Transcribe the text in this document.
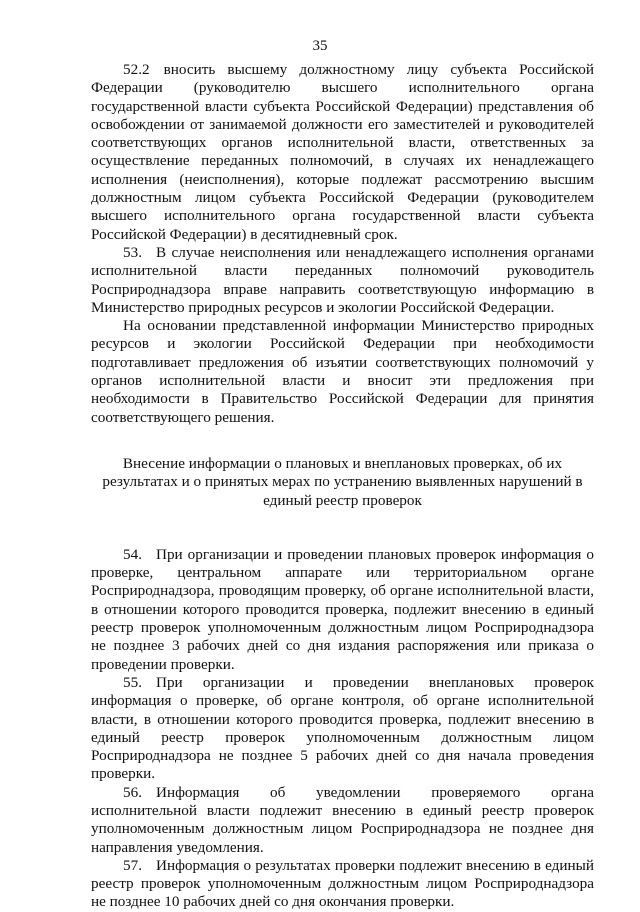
35

52.2 вносить высшему должностному лицу субъекта Российской Федерации (руководителю высшего исполнительного органа государственной власти субъекта Российской Федерации) представления об освобождении от занимаемой должности его заместителей и руководителей соответствующих органов исполнительной власти, ответственных за осуществление переданных полномочий, в случаях их ненадлежащего исполнения (неисполнения), которые подлежат рассмотрению высшим должностным лицом субъекта Российской Федерации (руководителем высшего исполнительного органа государственной власти субъекта Российской Федерации) в десятидневный срок.

53. В случае неисполнения или ненадлежащего исполнения органами исполнительной власти переданных полномочий руководитель Росприроднадзора вправе направить соответствующую информацию в Министерство природных ресурсов и экологии Российской Федерации.

На основании представленной информации Министерство природных ресурсов и экологии Российской Федерации при необходимости подготавливает предложения об изъятии соответствующих полномочий у органов исполнительной власти и вносит эти предложения при необходимости в Правительство Российской Федерации для принятия соответствующего решения.

Внесение информации о плановых и внеплановых проверках, об их результатах и о принятых мерах по устранению выявленных нарушений в единый реестр проверок

54. При организации и проведении плановых проверок информация о проверке, центральном аппарате или территориальном органе Росприроднадзора, проводящим проверку, об органе исполнительной власти, в отношении которого проводится проверка, подлежит внесению в единый реестр проверок уполномоченным должностным лицом Росприроднадзора не позднее 3 рабочих дней со дня издания распоряжения или приказа о проведении проверки.

55. При организации и проведении внеплановых проверок информация о проверке, об органе контроля, об органе исполнительной власти, в отношении которого проводится проверка, подлежит внесению в единый реестр проверок уполномоченным должностным лицом Росприроднадзора не позднее 5 рабочих дней со дня начала проведения проверки.

56. Информация об уведомлении проверяемого органа исполнительной власти подлежит внесению в единый реестр проверок уполномоченным должностным лицом Росприроднадзора не позднее дня направления уведомления.

57. Информация о результатах проверки подлежит внесению в единый реестр проверок уполномоченным должностным лицом Росприроднадзора не позднее 10 рабочих дней со дня окончания проверки.
